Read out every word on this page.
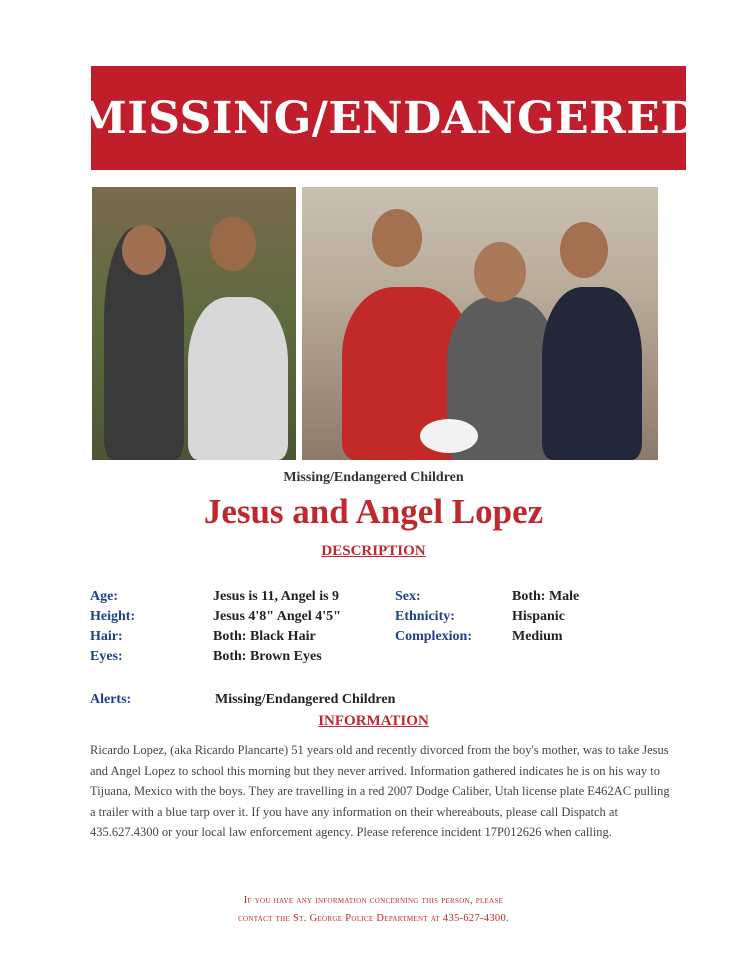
MISSING/ENDANGERED
Missing/Endangered Children
Jesus and Angel Lopez
DESCRIPTION
Age:	Jesus is 11, Angel is 9
Height:	Jesus 4'8" Angel 4'5"
Hair:	Both: Black Hair
Eyes:	Both: Brown Eyes
Sex:	Both: Male
Ethnicity:	Hispanic
Complexion:	Medium
Alerts:	Missing/Endangered Children
INFORMATION
Ricardo Lopez, (aka Ricardo Plancarte) 51 years old and recently divorced from the boy's mother, was to take Jesus and Angel Lopez to school this morning but they never arrived. Information gathered indicates he is on his way to Tijuana, Mexico with the boys. They are travelling in a red 2007 Dodge Caliber, Utah license plate E462AC pulling a trailer with a blue tarp over it. If you have any information on their whereabouts, please call Dispatch at 435.627.4300 or your local law enforcement agency. Please reference incident 17P012626 when calling.
If you have any information concerning this person, please
contact the St. George Police Department at 435-627-4300.
